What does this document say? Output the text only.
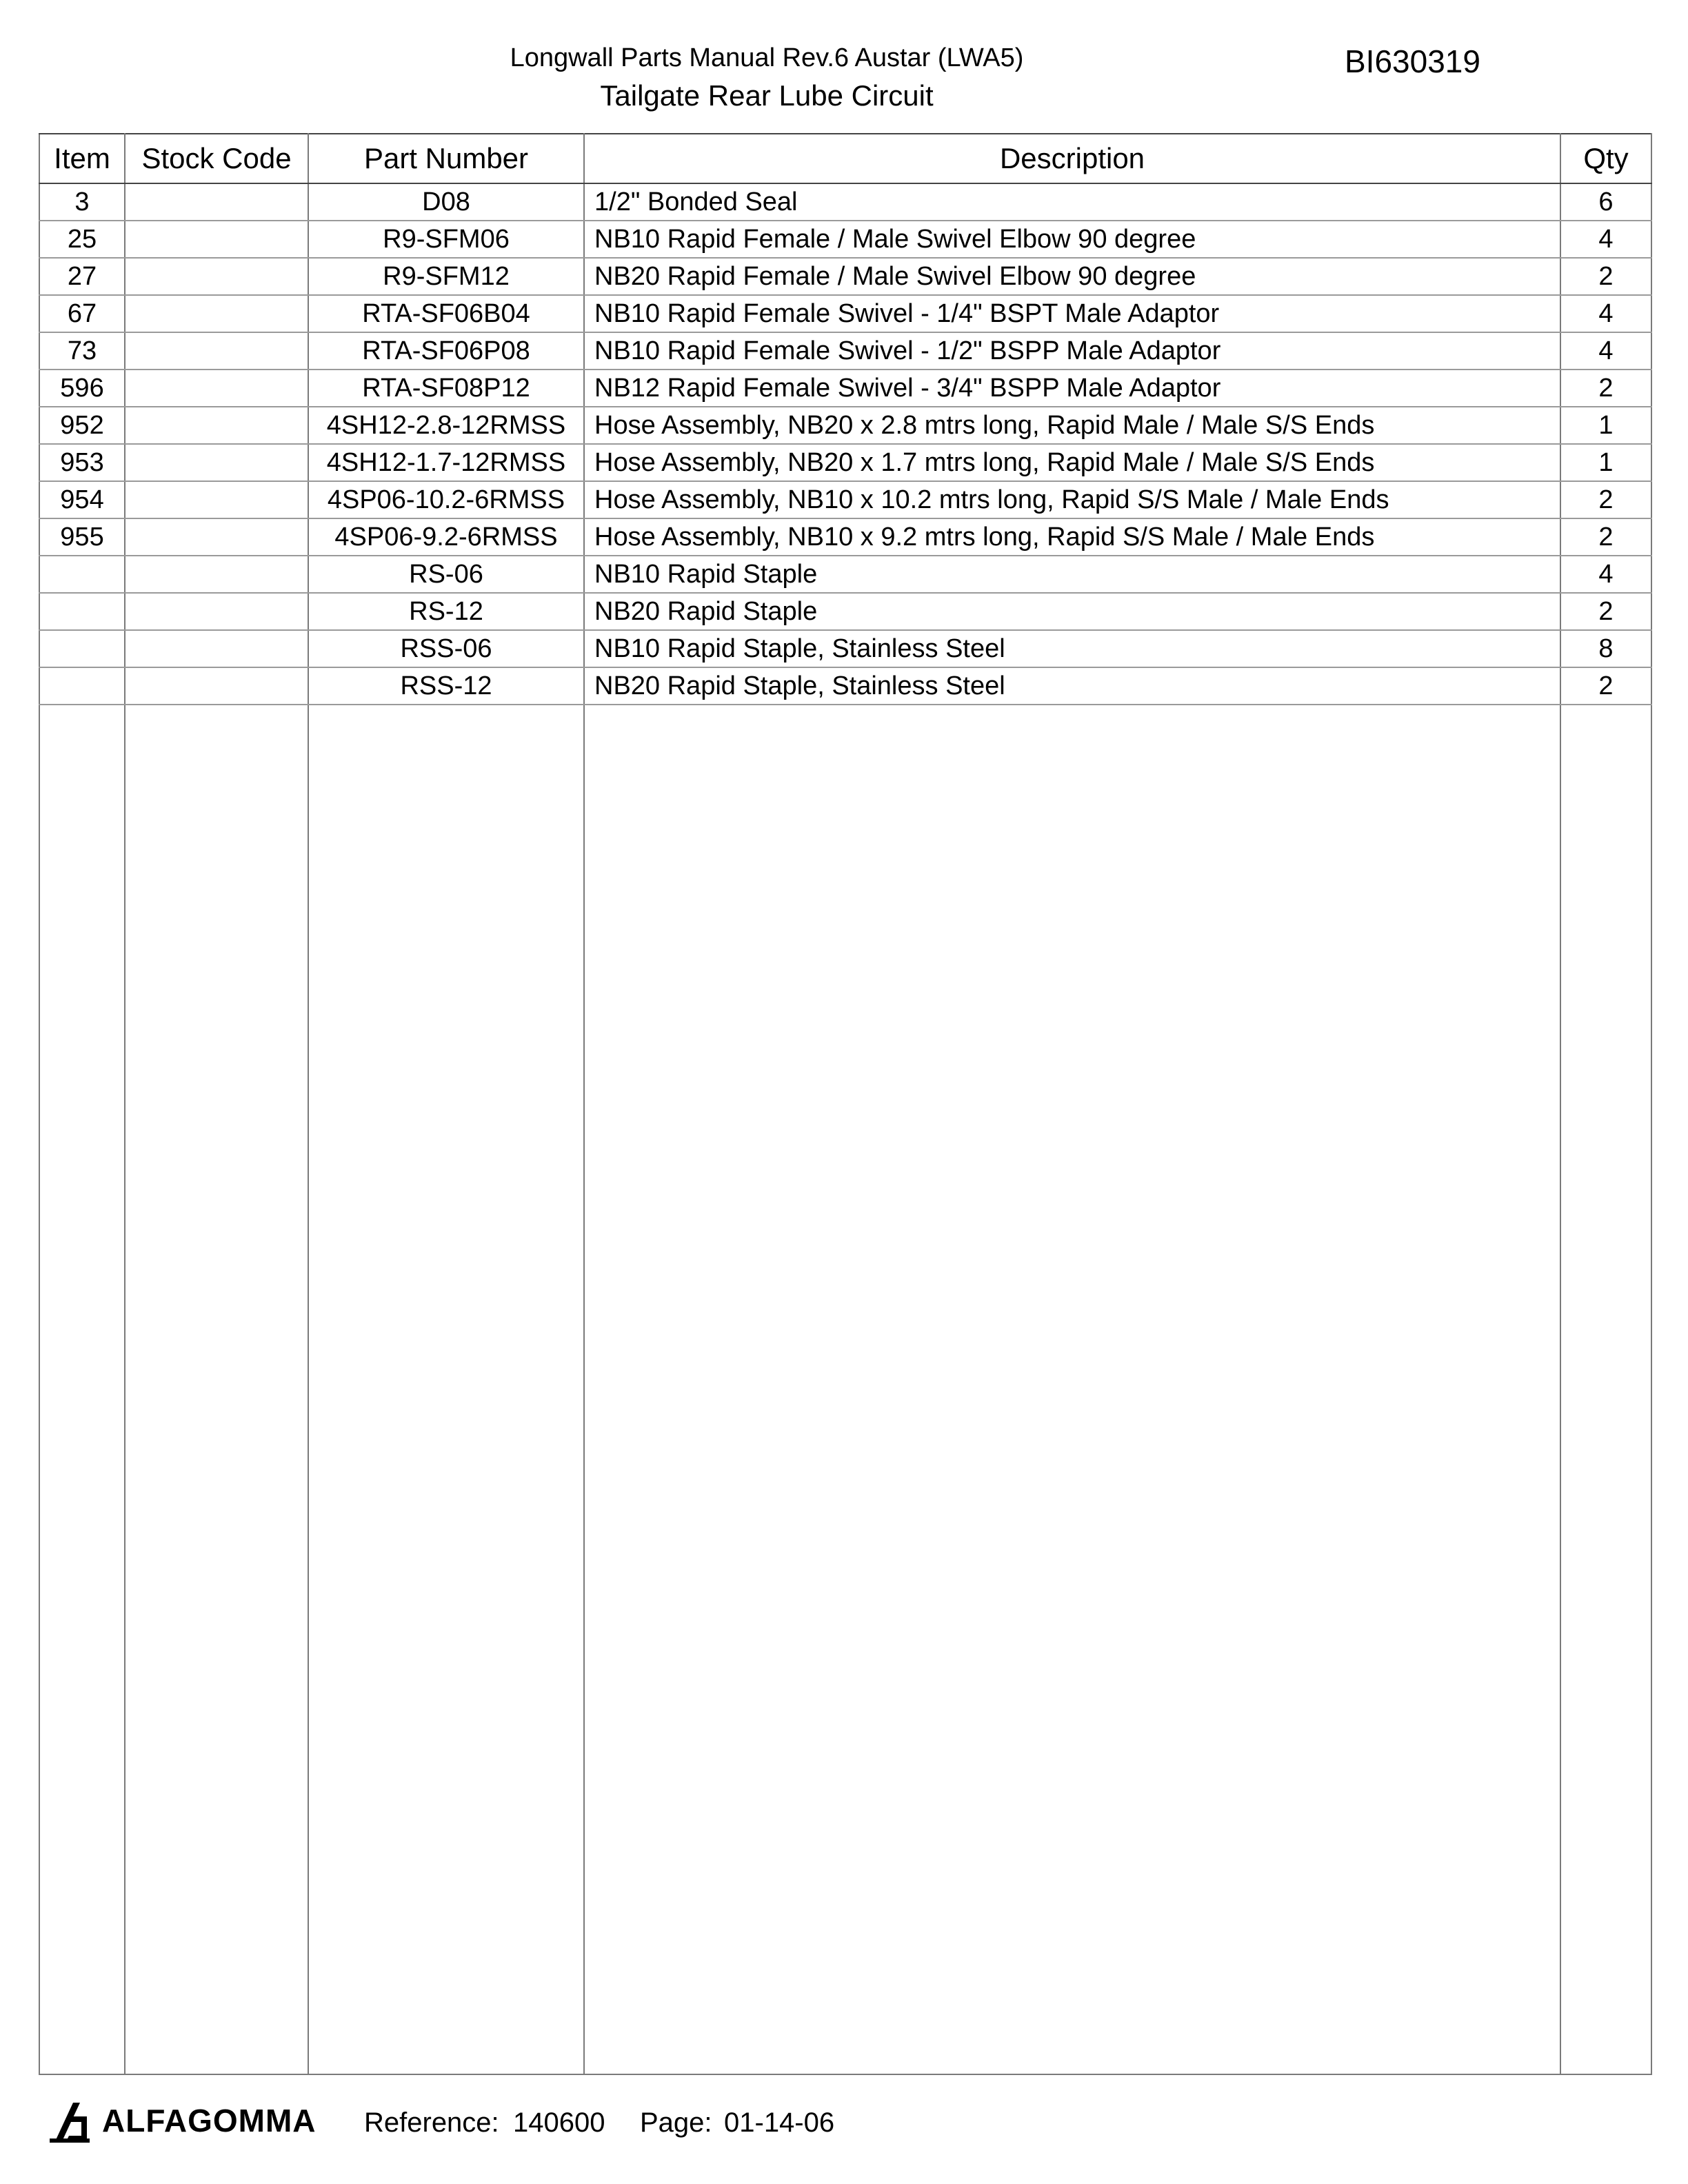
Longwall Parts Manual Rev.6 Austar (LWA5)
Tailgate Rear Lube Circuit
BI630319
Item	Stock Code	Part Number	Description	Qty
3		D08	1/2" Bonded Seal	6
25		R9-SFM06	NB10 Rapid Female / Male Swivel Elbow 90 degree	4
27		R9-SFM12	NB20 Rapid Female / Male Swivel Elbow 90 degree	2
67		RTA-SF06B04	NB10 Rapid Female Swivel - 1/4" BSPT Male Adaptor	4
73		RTA-SF06P08	NB10 Rapid Female Swivel - 1/2" BSPP Male Adaptor	4
596		RTA-SF08P12	NB12 Rapid Female Swivel - 3/4" BSPP Male Adaptor	2
952		4SH12-2.8-12RMSS	Hose Assembly, NB20 x 2.8 mtrs long, Rapid Male / Male S/S Ends	1
953		4SH12-1.7-12RMSS	Hose Assembly, NB20 x 1.7 mtrs long, Rapid Male / Male S/S Ends	1
954		4SP06-10.2-6RMSS	Hose Assembly, NB10 x 10.2 mtrs long, Rapid S/S Male / Male Ends	2
955		4SP06-9.2-6RMSS	Hose Assembly, NB10 x 9.2 mtrs long, Rapid S/S Male / Male Ends	2
		RS-06	NB10 Rapid Staple	4
		RS-12	NB20 Rapid Staple	2
		RSS-06	NB10 Rapid Staple, Stainless Steel	8
		RSS-12	NB20 Rapid Staple, Stainless Steel	2

ALFAGOMMA Reference: 140600 Page: 01-14-06
